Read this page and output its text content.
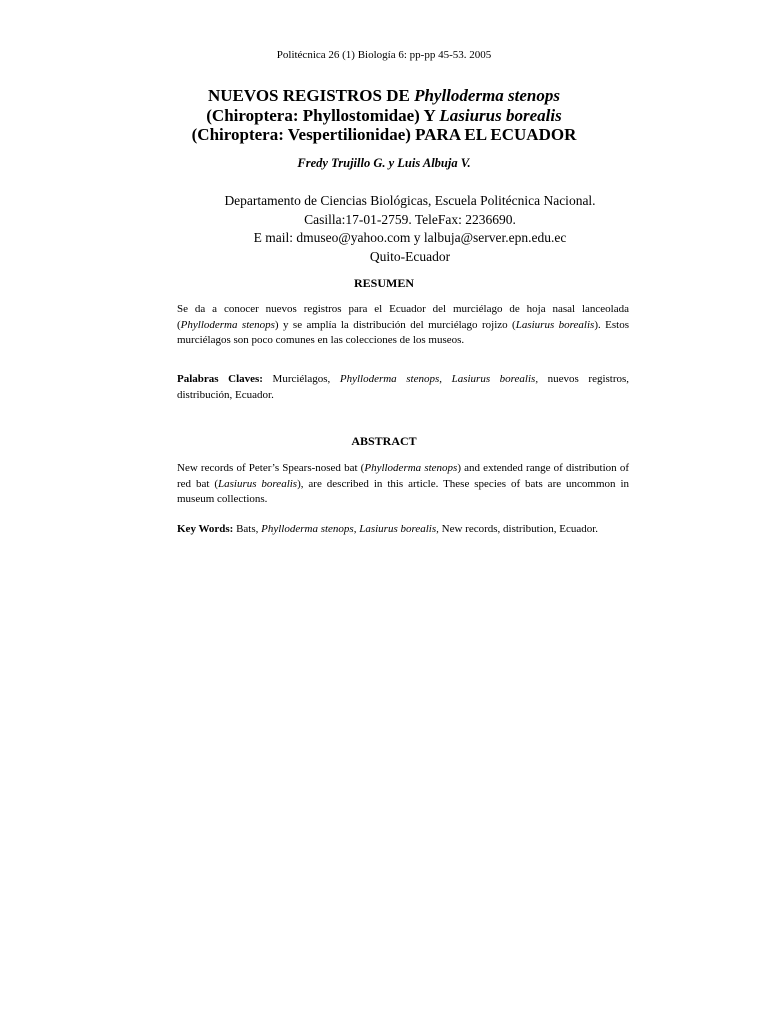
Politécnica 26 (1) Biología 6: pp-pp 45-53. 2005
NUEVOS REGISTROS DE Phylloderma stenops
(Chiroptera: Phyllostomidae) Y Lasiurus borealis
(Chiroptera: Vespertilionidae) PARA EL ECUADOR
Fredy Trujillo G. y Luis Albuja V.
Departamento de Ciencias Biológicas, Escuela Politécnica Nacional.
Casilla:17-01-2759. TeleFax: 2236690.
E mail: dmuseo@yahoo.com y lalbuja@server.epn.edu.ec
Quito-Ecuador
RESUMEN
Se da a conocer nuevos registros para el Ecuador del murciélago de hoja nasal lanceolada (Phylloderma stenops) y se amplía la distribución del murciélago rojizo (Lasiurus borealis). Estos murciélagos son poco comunes en las colecciones de los museos.
Palabras Claves: Murciélagos, Phylloderma stenops, Lasiurus borealis, nuevos registros, distribución, Ecuador.
ABSTRACT
New records of Peter’s Spears-nosed bat (Phylloderma stenops) and extended range of distribution of red bat (Lasiurus borealis), are described in this article. These species of bats are uncommon in museum collections.
Key Words: Bats, Phylloderma stenops, Lasiurus borealis, New records, distribution, Ecuador.
